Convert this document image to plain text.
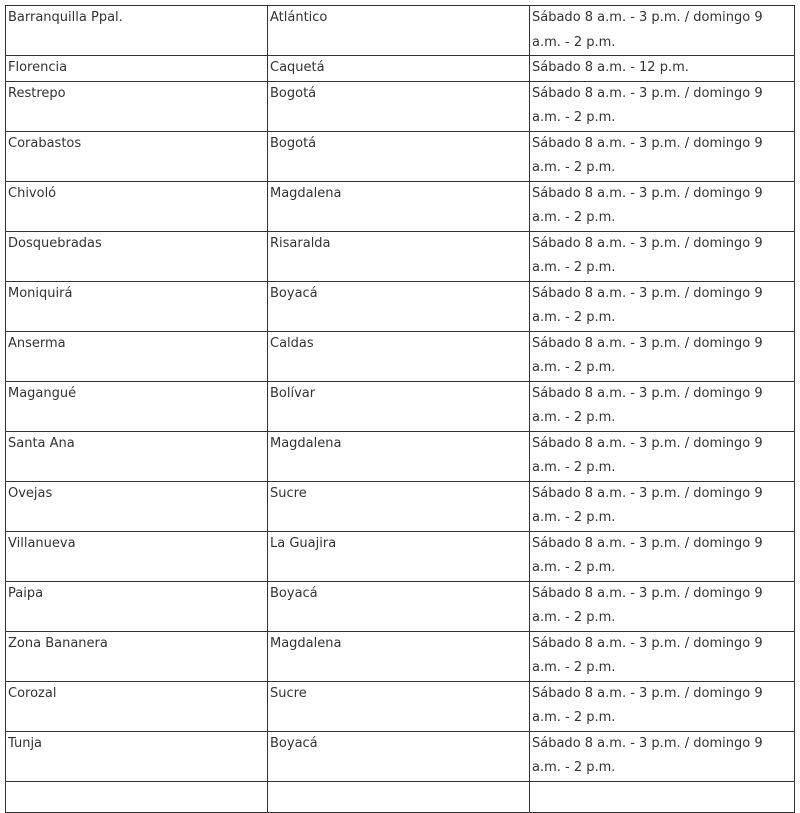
Barranquilla Ppal.	Atlántico	Sábado 8 a.m. - 3 p.m. / domingo 9 a.m. - 2 p.m.
Florencia	Caquetá	Sábado 8 a.m. - 12 p.m.
Restrepo	Bogotá	Sábado 8 a.m. - 3 p.m. / domingo 9 a.m. - 2 p.m.
Corabastos	Bogotá	Sábado 8 a.m. - 3 p.m. / domingo 9 a.m. - 2 p.m.
Chivoló	Magdalena	Sábado 8 a.m. - 3 p.m. / domingo 9 a.m. - 2 p.m.
Dosquebradas	Risaralda	Sábado 8 a.m. - 3 p.m. / domingo 9 a.m. - 2 p.m.
Moniquirá	Boyacá	Sábado 8 a.m. - 3 p.m. / domingo 9 a.m. - 2 p.m.
Anserma	Caldas	Sábado 8 a.m. - 3 p.m. / domingo 9 a.m. - 2 p.m.
Magangué	Bolívar	Sábado 8 a.m. - 3 p.m. / domingo 9 a.m. - 2 p.m.
Santa Ana	Magdalena	Sábado 8 a.m. - 3 p.m. / domingo 9 a.m. - 2 p.m.
Ovejas	Sucre	Sábado 8 a.m. - 3 p.m. / domingo 9 a.m. - 2 p.m.
Villanueva	La Guajira	Sábado 8 a.m. - 3 p.m. / domingo 9 a.m. - 2 p.m.
Paipa	Boyacá	Sábado 8 a.m. - 3 p.m. / domingo 9 a.m. - 2 p.m.
Zona Bananera	Magdalena	Sábado 8 a.m. - 3 p.m. / domingo 9 a.m. - 2 p.m.
Corozal	Sucre	Sábado 8 a.m. - 3 p.m. / domingo 9 a.m. - 2 p.m.
Tunja	Boyacá	Sábado 8 a.m. - 3 p.m. / domingo 9 a.m. - 2 p.m.
